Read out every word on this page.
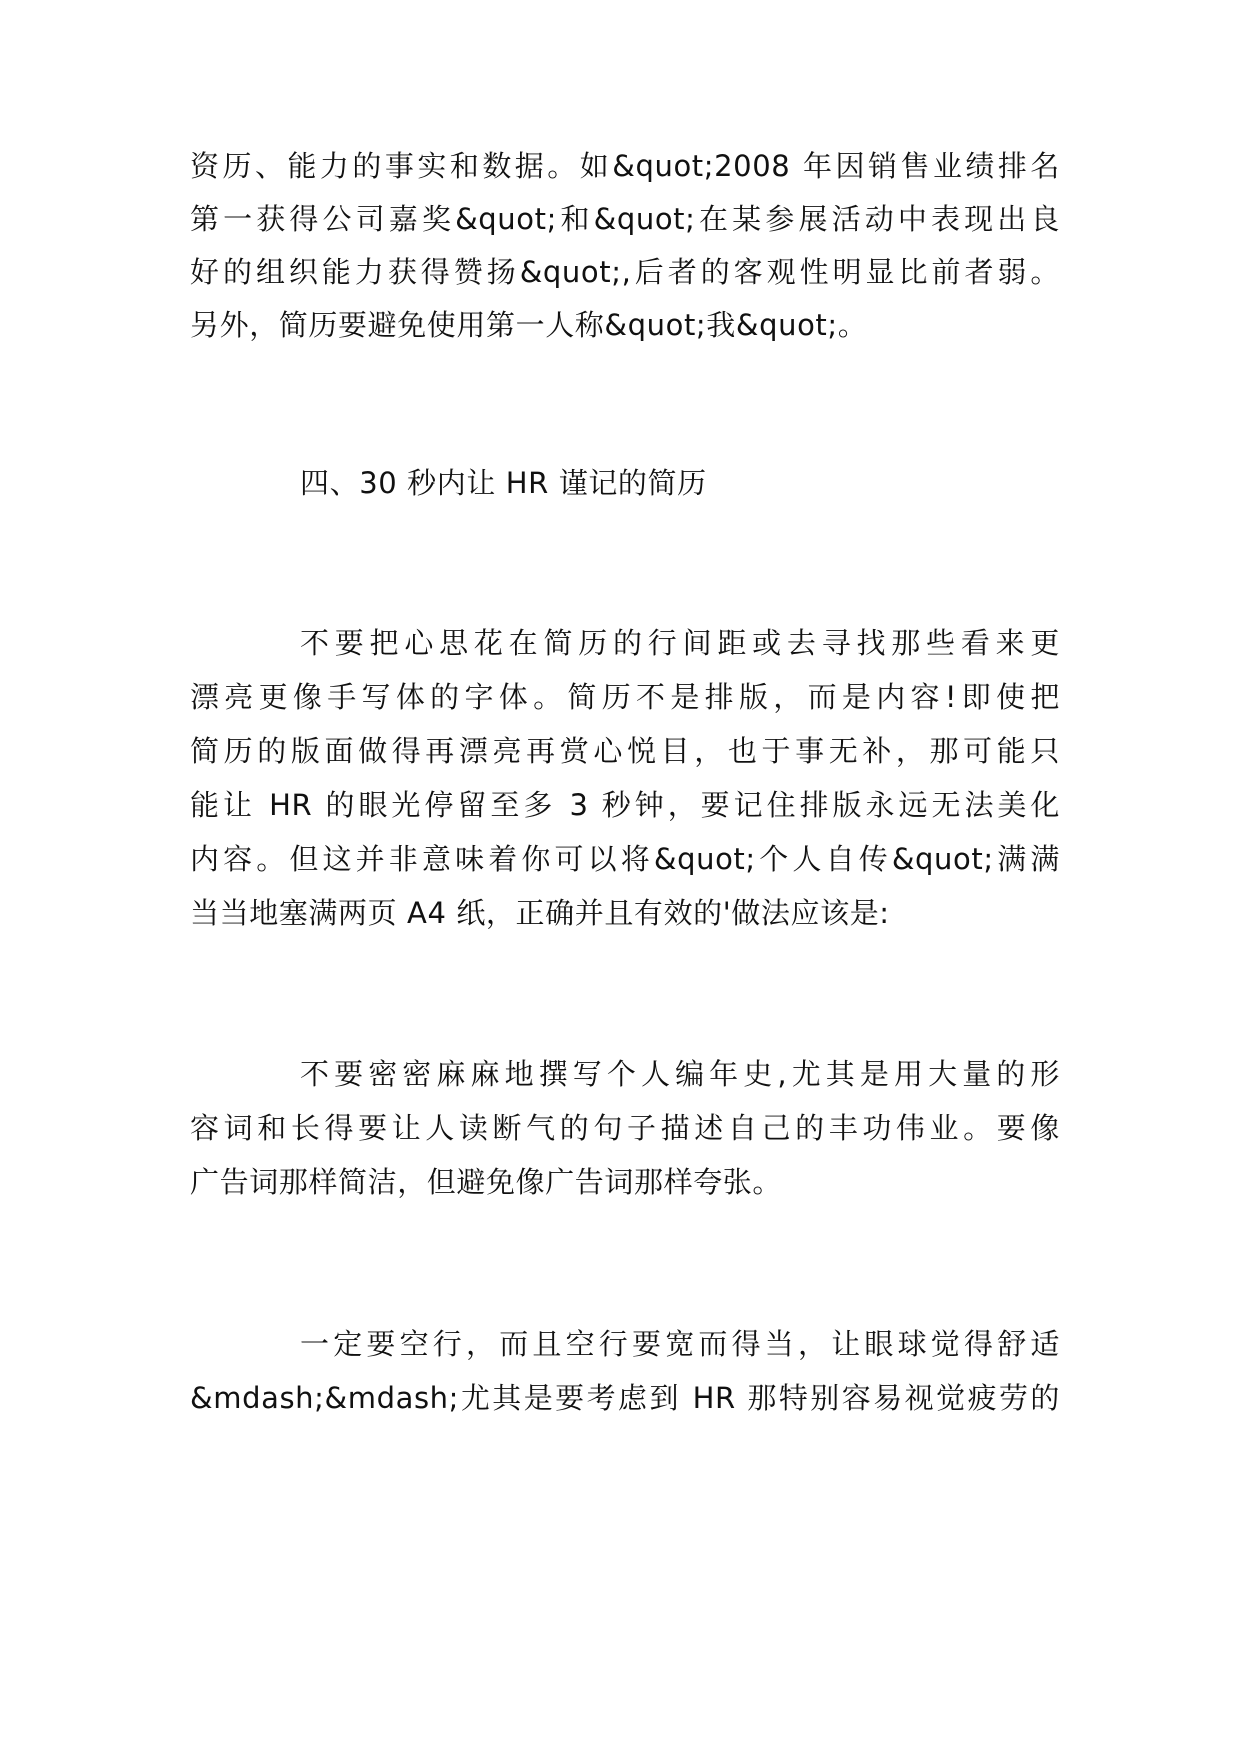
资历、能力的事实和数据。如&quot;2008 年因销售业绩排名
第一获得公司嘉奖&quot;和&quot;在某参展活动中表现出良
好的组织能力获得赞扬&quot;,后者的客观性明显比前者弱。
另外，简历要避免使用第一人称&quot;我&quot;。
四、30 秒内让 HR 谨记的简历
不要把心思花在简历的行间距或去寻找那些看来更
漂亮更像手写体的字体。简历不是排版，而是内容!即使把
简历的版面做得再漂亮再赏心悦目，也于事无补，那可能只
能让 HR 的眼光停留至多 3 秒钟，要记住排版永远无法美化
内容。但这并非意味着你可以将&quot;个人自传&quot;满满
当当地塞满两页 A4 纸，正确并且有效的'做法应该是:
不要密密麻麻地撰写个人编年史,尤其是用大量的形
容词和长得要让人读断气的句子描述自己的丰功伟业。要像
广告词那样简洁，但避免像广告词那样夸张。
一定要空行，而且空行要宽而得当，让眼球觉得舒适
&mdash;&mdash;尤其是要考虑到 HR 那特别容易视觉疲劳的
